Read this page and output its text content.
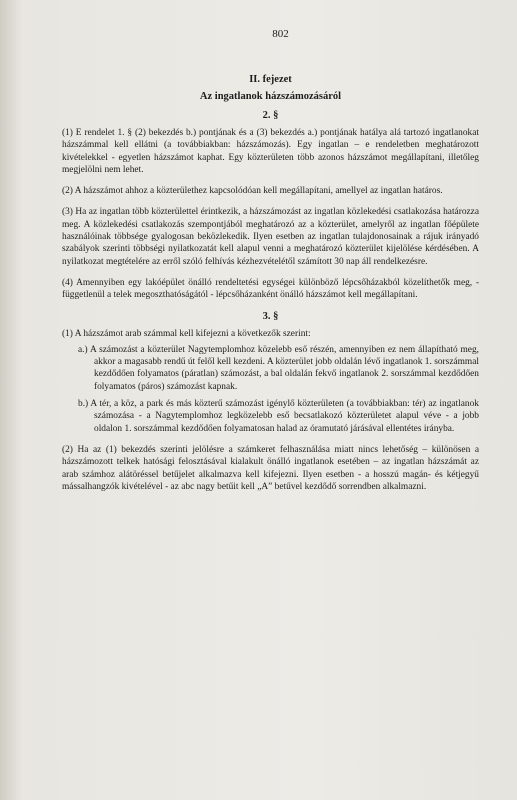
802
II. fejezet
Az ingatlanok házszámozásáról
2. §

(1) E rendelet 1. § (2) bekezdés b.) pontjának és a (3) bekezdés a.) pontjának hatálya alá tartozó ingatlanokat házszámmal kell ellátni (a továbbiakban: házszámozás). Egy ingatlan – e rendeletben meghatározott kivételekkel - egyetlen házszámot kaphat. Egy közterületen több azonos házszámot megállapítani, illetőleg megjelölni nem lehet.

(2) A házszámot ahhoz a közterülethez kapcsolódóan kell megállapítani, amellyel az ingatlan határos.

(3) Ha az ingatlan több közterülettel érintkezik, a házszámozást az ingatlan közlekedési csatlakozása határozza meg. A közlekedési csatlakozás szempontjából meghatározó az a közterület, amelyről az ingatlan főépülete használóinak többsége gyalogosan beközlekedik. Ilyen esetben az ingatlan tulajdonosainak a rájuk irányadó szabályok szerinti többségi nyilatkozatát kell alapul venni a meghatározó közterület kijelölése kérdésében. A nyilatkozat megtételére az erről szóló felhívás kézhezvételétől számított 30 nap áll rendelkezésre.

(4) Amennyiben egy lakóépület önálló rendeltetési egységei különböző lépcsőházakból közelíthetők meg, - függetlenül a telek megoszthatóságától - lépcsőházanként önálló házszámot kell megállapítani.

3. §

(1) A házszámot arab számmal kell kifejezni a következők szerint:

a.) A számozást a közterület Nagytemplomhoz közelebb eső részén, amennyiben ez nem állapítható meg, akkor a magasabb rendű út felől kell kezdeni. A közterület jobb oldalán lévő ingatlanok 1. sorszámmal kezdődően folyamatos (páratlan) számozást, a bal oldalán fekvő ingatlanok 2. sorszámmal kezdődően folyamatos (páros) számozást kapnak.

b.) A tér, a köz, a park és más közterű számozást igénylő közterületen (a továbbiakban: tér) az ingatlanok számozása - a Nagytemplomhoz legközelebb eső becsatlakozó közterületet alapul véve - a jobb oldalon 1. sorszámmal kezdődően folyamatosan halad az óramutató járásával ellentétes irányba.

(2) Ha az (1) bekezdés szerinti jelölésre a számkeret felhasználása miatt nincs lehetőség – különösen a házszámozott telkek hatósági felosztásával kialakult önálló ingatlanok esetében – az ingatlan házszámát az arab számhoz alátöréssel betűjelet alkalmazva kell kifejezni. Ilyen esetben - a hosszú magán- és kétjegyű mássalhangzók kivételével - az abc nagy betűit kell „A” betűvel kezdődő sorrendben alkalmazni.
